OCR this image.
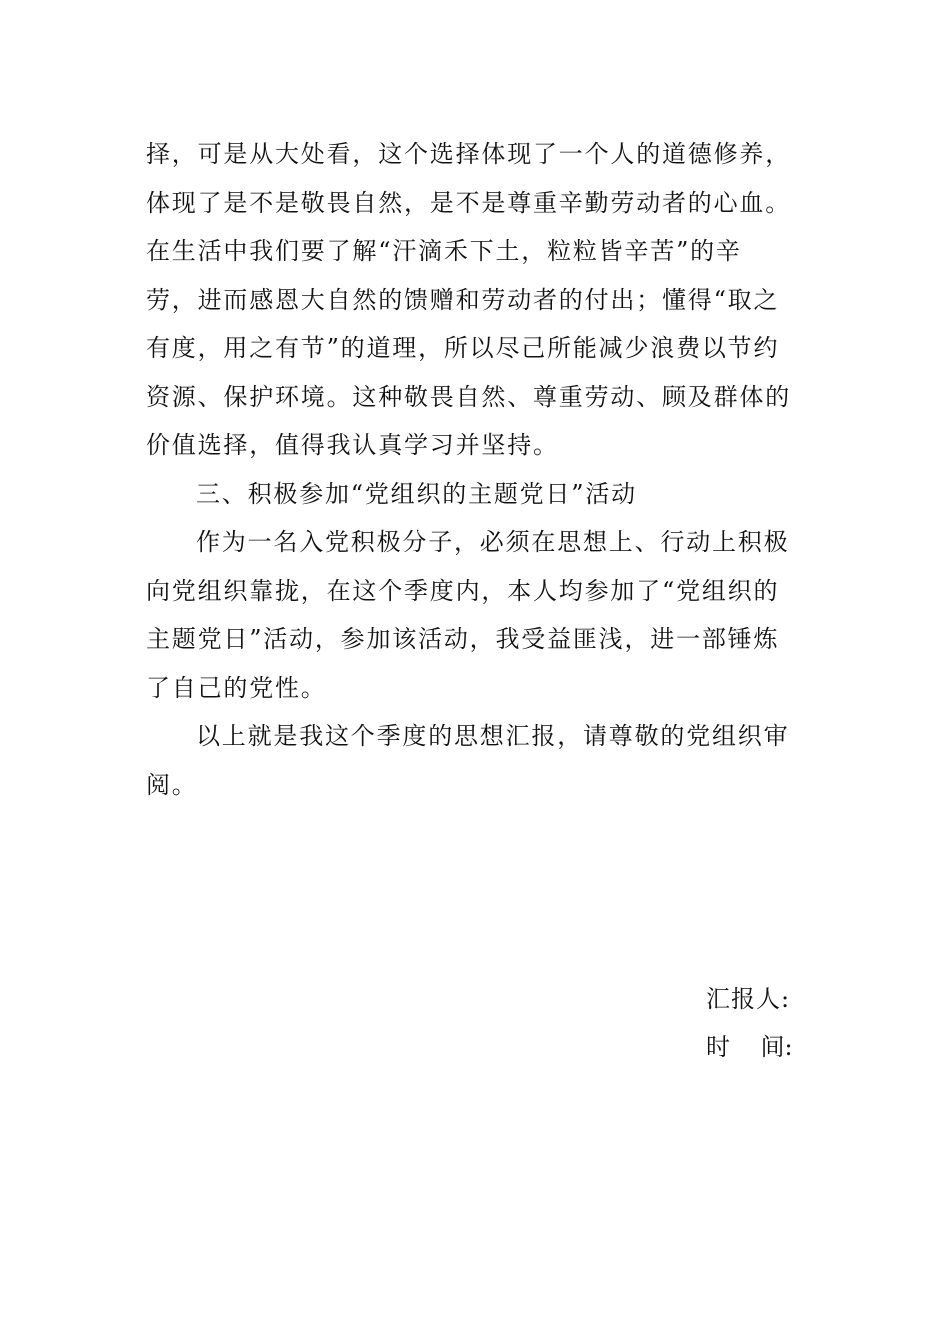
择，可是从大处看，这个选择体现了一个人的道德修养，
体现了是不是敬畏自然，是不是尊重辛勤劳动者的心血。
在生活中我们要了解“汗滴禾下土，粒粒皆辛苦”的辛
劳，进而感恩大自然的馈赠和劳动者的付出；懂得“取之
有度，用之有节”的道理，所以尽己所能减少浪费以节约
资源、保护环境。这种敬畏自然、尊重劳动、顾及群体的
价值选择，值得我认真学习并坚持。
三、积极参加“党组织的主题党日”活动
作为一名入党积极分子，必须在思想上、行动上积极
向党组织靠拢，在这个季度内，本人均参加了“党组织的
主题党日”活动，参加该活动，我受益匪浅，进一部锤炼
了自己的党性。
以上就是我这个季度的思想汇报，请尊敬的党组织审
阅。
汇报人:
时    间:
